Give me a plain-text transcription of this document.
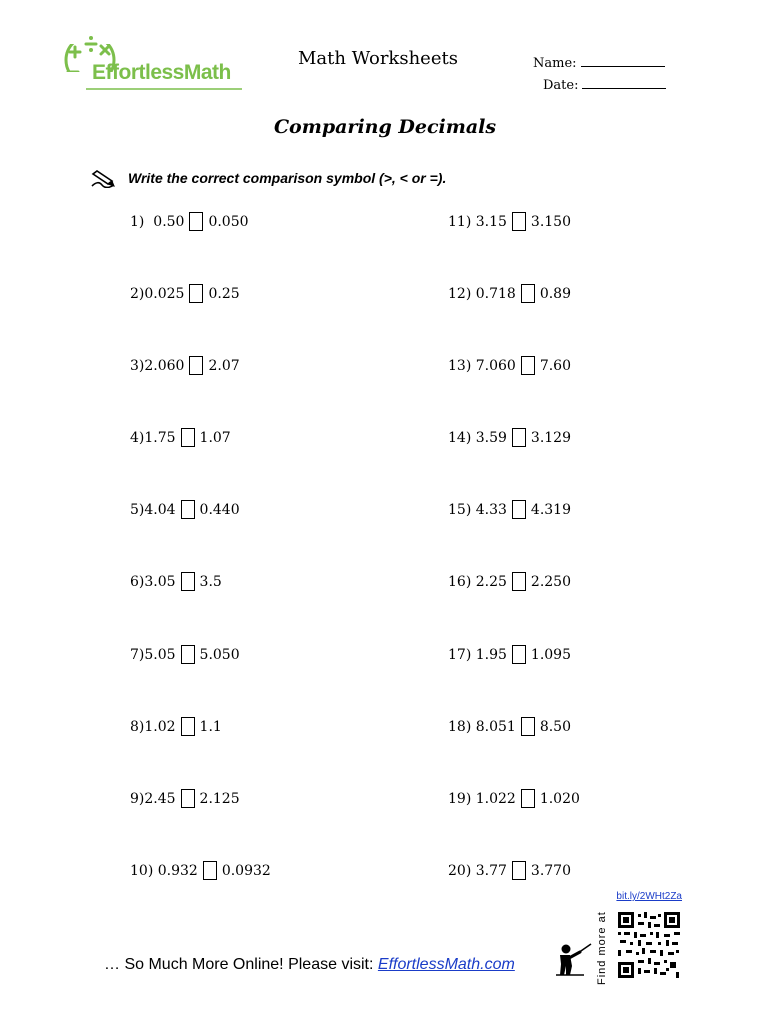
EffortlessMath
Math Worksheets	Name:
Date:
Comparing Decimals
Write the correct comparison symbol (>, < or =).
1)
0.50 0.050
2) 0.025 0.25
3) 2.060 2.07
4) 1.75 1.07
5) 4.04 0.440
6) 3.05 3.5
7) 5.05 5.050
8) 1.02 1.1
9) 2.45 2.125
10)
0.932 0.0932
11)
3.15 3.150
12)
0.718 0.89
13)
7.060 7.60
14)
3.59 3.129
15)
4.33 4.319
16)
2.25 2.250
17)
1.95 1.095
18)
8.051 8.50
19)
1.022 1.020
20)
3.77 3.770
bit.ly/2WHt2Za
Find more at
… So Much More Online! Please visit: EffortlessMath.com
